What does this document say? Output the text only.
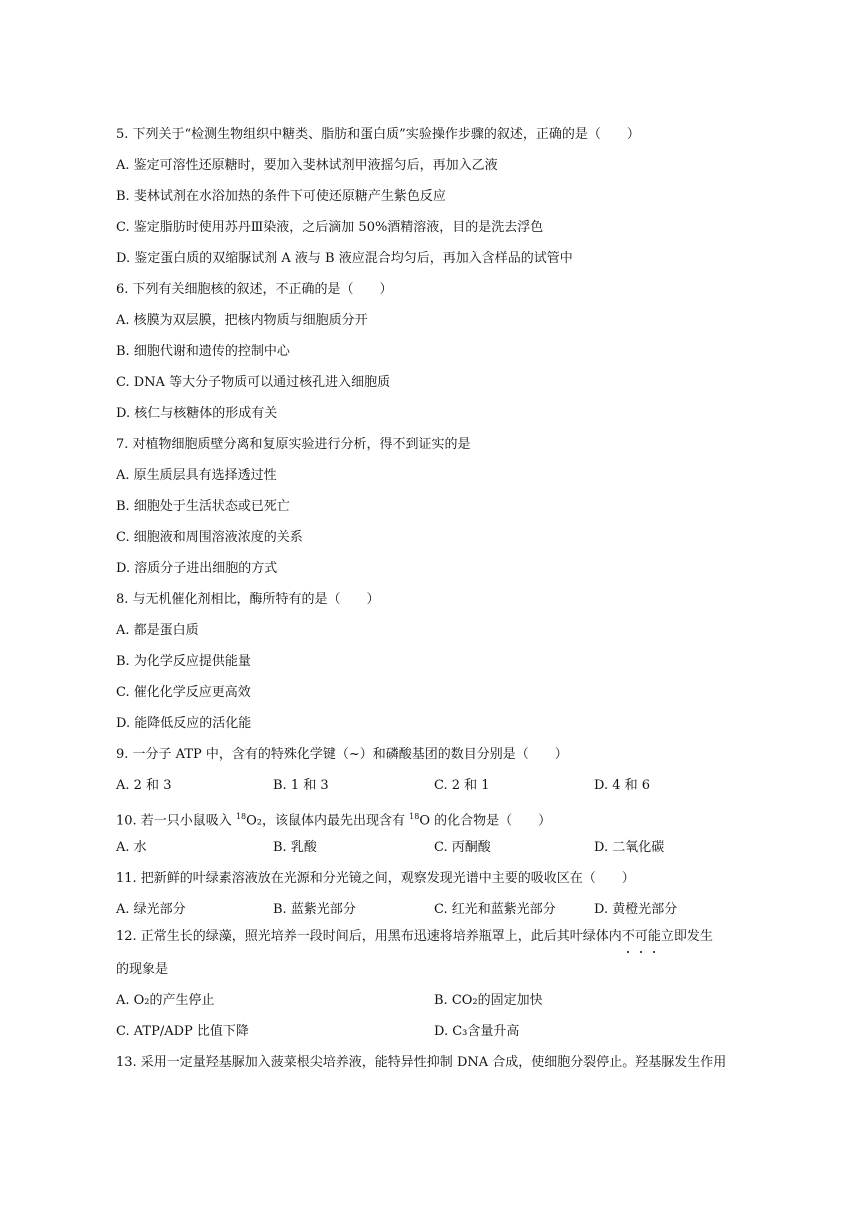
5. 下列关于“检测生物组织中糖类、脂肪和蛋白质”实验操作步骤的叙述，正确的是（　　）
A. 鉴定可溶性还原糖时，要加入斐林试剂甲液摇匀后，再加入乙液
B. 斐林试剂在水浴加热的条件下可使还原糖产生紫色反应
C. 鉴定脂肪时使用苏丹Ⅲ染液，之后滴加 50%酒精溶液，目的是洗去浮色
D. 鉴定蛋白质的双缩脲试剂 A 液与 B 液应混合均匀后，再加入含样品的试管中
6. 下列有关细胞核的叙述，不正确的是（　　）
A. 核膜为双层膜，把核内物质与细胞质分开
B. 细胞代谢和遗传的控制中心
C. DNA 等大分子物质可以通过核孔进入细胞质
D. 核仁与核糖体的形成有关
7. 对植物细胞质壁分离和复原实验进行分析，得不到证实的是
A. 原生质层具有选择透过性
B. 细胞处于生活状态或已死亡
C. 细胞液和周围溶液浓度的关系
D. 溶质分子进出细胞的方式
8. 与无机催化剂相比，酶所特有的是（　　）
A. 都是蛋白质
B. 为化学反应提供能量
C. 催化化学反应更高效
D. 能降低反应的活化能
9. 一分子 ATP 中，含有的特殊化学键（~）和磷酸基团的数目分别是（　　）
A. 2 和 3	B. 1 和 3	C. 2 和 1	D. 4 和 6
10. 若一只小鼠吸入 $^{18}$O₂，该鼠体内最先出现含有 $^{18}$O 的化合物是（　　）
A. 水	B. 乳酸	C. 丙酮酸	D. 二氧化碳
11. 把新鲜的叶绿素溶液放在光源和分光镜之间，观察发现光谱中主要的吸收区在（　　）
A. 绿光部分	B. 蓝紫光部分	C. 红光和蓝紫光部分	D. 黄橙光部分
12. 正常生长的绿藻，照光培养一段时间后，用黑布迅速将培养瓶罩上，此后其叶绿体内不可能立即发生
的现象是
A. O₂的产生停止	B. CO₂的固定加快
C. ATP/ADP 比值下降	D. C₃含量升高
13. 采用一定量羟基脲加入菠菜根尖培养液，能特异性抑制 DNA 合成，使细胞分裂停止。羟基脲发生作用
